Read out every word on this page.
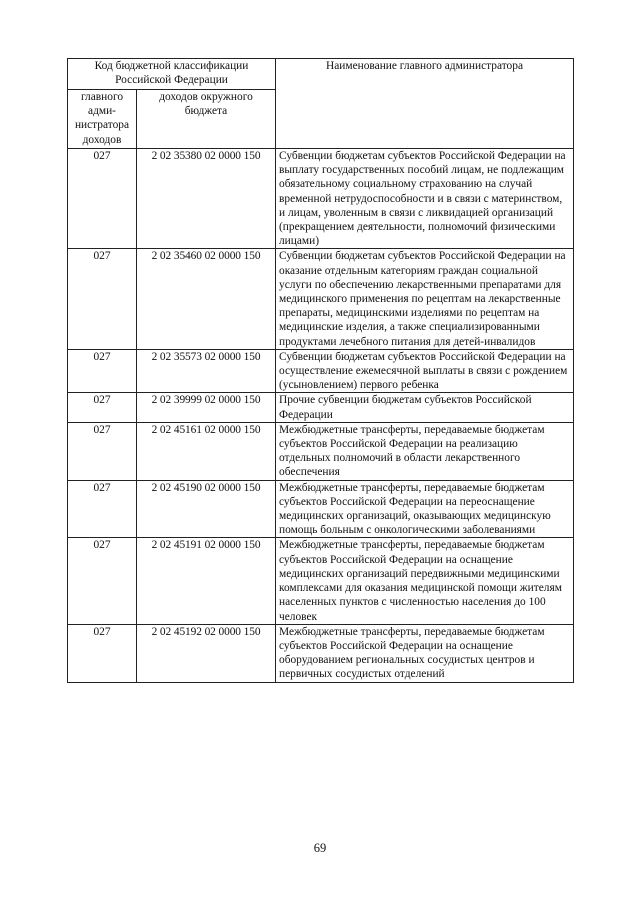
Код бюджетной классификации Российской Федерации		Наименование главного администратора
главного адми-нистратора доходов	доходов окружного бюджета	
027	2 02 35380 02 0000 150	Субвенции бюджетам субъектов Российской Федерации на выплату государственных пособий лицам, не подлежащим обязательному социальному страхованию на случай временной нетрудоспособности и в связи с материнством, и лицам, уволенным в связи с ликвидацией организаций (прекращением деятельности, полномочий физическими лицами)
027	2 02 35460 02 0000 150	Субвенции бюджетам субъектов Российской Федерации на оказание отдельным категориям граждан социальной услуги по обеспечению лекарственными препаратами для медицинского применения по рецептам на лекарственные препараты, медицинскими изделиями по рецептам на медицинские изделия, а также специализированными продуктами лечебного питания для детей-инвалидов
027	2 02 35573 02 0000 150	Субвенции бюджетам субъектов Российской Федерации на осуществление ежемесячной выплаты в связи с рождением (усыновлением) первого ребенка
027	2 02 39999 02 0000 150	Прочие субвенции бюджетам субъектов Российской Федерации
027	2 02 45161 02 0000 150	Межбюджетные трансферты, передаваемые бюджетам субъектов Российской Федерации на реализацию отдельных полномочий в области лекарственного обеспечения
027	2 02 45190 02 0000 150	Межбюджетные трансферты, передаваемые бюджетам субъектов Российской Федерации на переоснащение медицинских организаций, оказывающих медицинскую помощь больным с онкологическими заболеваниями
027	2 02 45191 02 0000 150	Межбюджетные трансферты, передаваемые бюджетам субъектов Российской Федерации на оснащение медицинских организаций передвижными медицинскими комплексами для оказания медицинской помощи жителям населенных пунктов с численностью населения до 100 человек
027	2 02 45192 02 0000 150	Межбюджетные трансферты, передаваемые бюджетам субъектов Российской Федерации на оснащение оборудованием региональных сосудистых центров и первичных сосудистых отделений
69
